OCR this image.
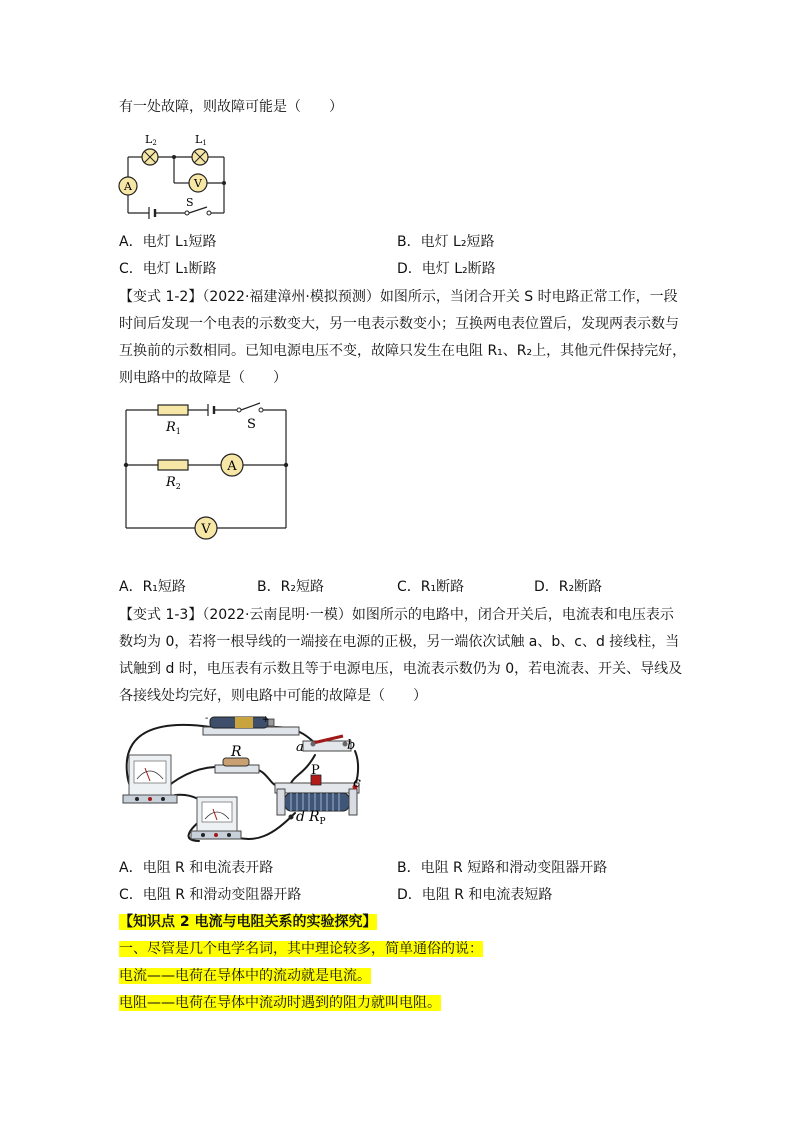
有一处故障，则故障可能是（　　）
A	V
L2	L1
S
A．电灯 L₁短路	B．电灯 L₂短路
C．电灯 L₁断路	D．电灯 L₂断路
【变式 1-2】（2022·福建漳州·模拟预测）如图所示，当闭合开关 S 时电路正常工作，一段
时间后发现一个电表的示数变大，另一电表示数变小；互换两电表位置后，发现两表示数与
互换前的示数相同。已知电源电压不变，故障只发生在电阻 R₁、R₂上，其他元件保持完好，
则电路中的故障是（　　）
A
V
$R_1$
$R_2$
S
A．R₁短路	B．R₂短路	C．R₁断路	D．R₂断路
【变式 1-3】（2022·云南昆明·一模）如图所示的电路中，闭合开关后，电流表和电压表示
数均为 0，若将一根导线的一端接在电源的正极，另一端依次试触 a、b、c、d 接线柱，当
试触到 d 时，电压表有示数且等于电源电压，电流表示数仍为 0，若电流表、开关、导线及
各接线处均完好，则电路中可能的故障是（　　）
-	+
a	b
R
P
c
d $R_P$
A．电阻 R 和电流表开路	B．电阻 R 短路和滑动变阻器开路
C．电阻 R 和滑动变阻器开路	D．电阻 R 和电流表短路
【知识点 2 电流与电阻关系的实验探究】
一、尽管是几个电学名词，其中理论较多，简单通俗的说：
电流——电荷在导体中的流动就是电流。
电阻——电荷在导体中流动时遇到的阻力就叫电阻。
